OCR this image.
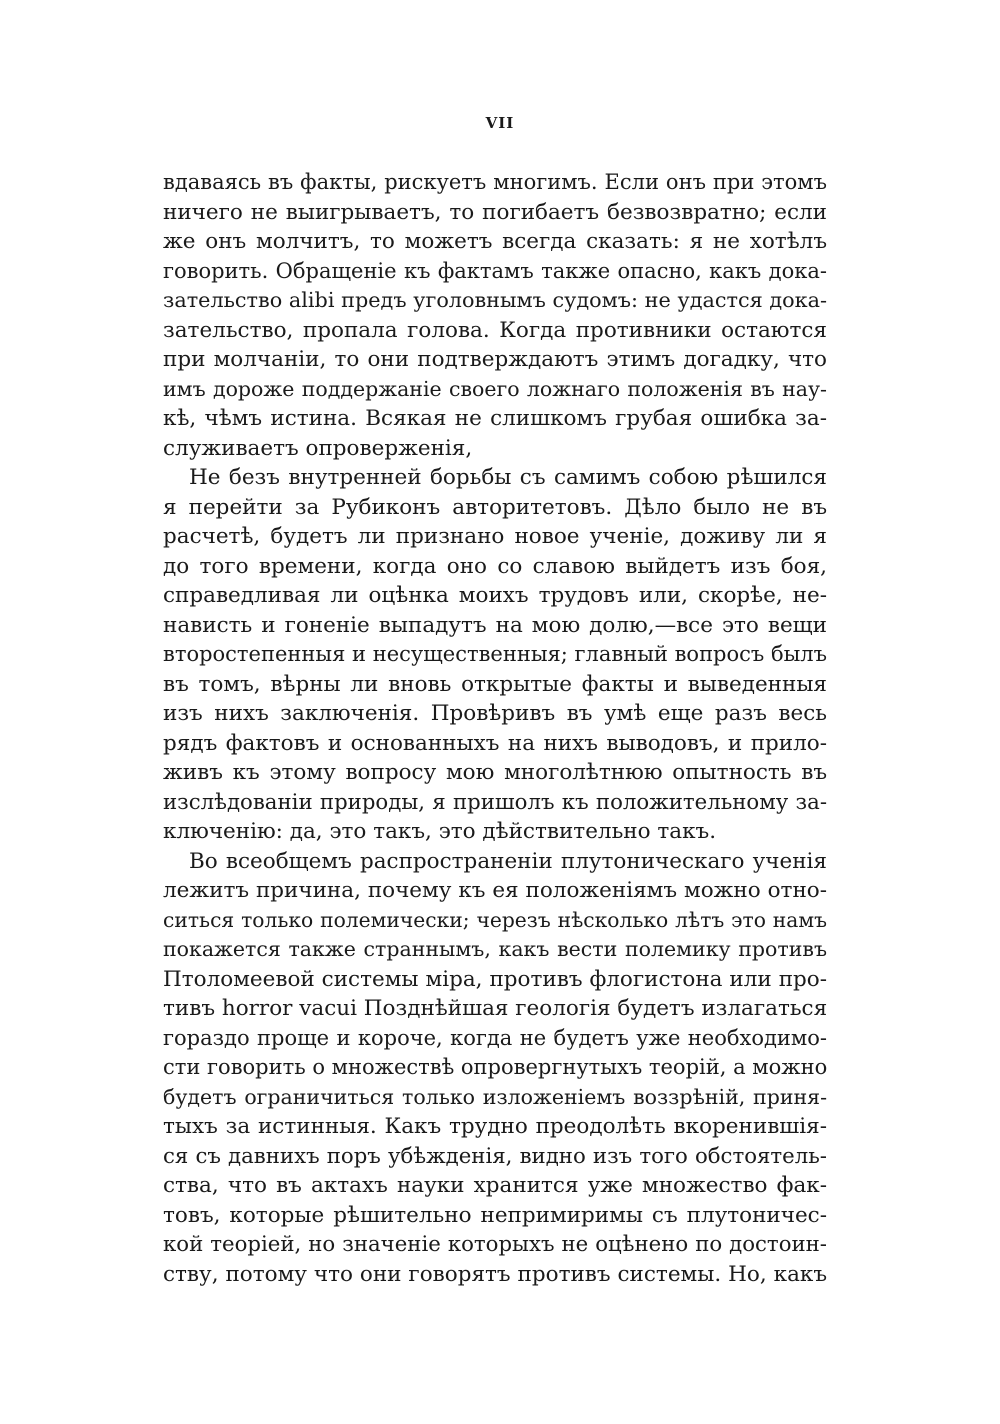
VII
вдаваясь въ факты, рискуетъ многимъ. Если онъ при этомъ
ничего не выигрываетъ, то погибаетъ безвозвратно; если
же онъ молчитъ, то можетъ всегда сказать: я не хотѣлъ
говорить. Обращеніе къ фактамъ также опасно, какъ дока-
зательство alibi предъ уголовнымъ судомъ: не удастся дока-
зательство, пропала голова. Когда противники остаются
при молчаніи, то они подтверждаютъ этимъ догадку, что
имъ дороже поддержаніе своего ложнаго положенія въ нау-
кѣ, чѣмъ истина. Всякая не слишкомъ грубая ошибка за-
служиваетъ опроверженія,
Не безъ внутренней борьбы съ самимъ собою рѣшился
я перейти за Рубиконъ авторитетовъ. Дѣло было не въ
расчетѣ, будетъ ли признано новое ученіе, доживу ли я
до того времени, когда оно со славою выйдетъ изъ боя,
справедливая ли оцѣнка моихъ трудовъ или, скорѣе, не-
нависть и гоненіе выпадутъ на мою долю,—все это вещи
второстепенныя и несущественныя; главный вопросъ былъ
въ томъ, вѣрны ли вновь открытые факты и выведенныя
изъ нихъ заключенія. Провѣривъ въ умѣ еще разъ весь
рядъ фактовъ и основанныхъ на нихъ выводовъ, и прило-
живъ къ этому вопросу мою многолѣтнюю опытность въ
изслѣдованіи природы, я пришолъ къ положительному за-
ключенію: да, это такъ, это дѣйствительно такъ.
Во всеобщемъ распространеніи плутоническаго ученія
лежитъ причина, почему къ ея положеніямъ можно отно-
ситься только полемически; черезъ нѣсколько лѣтъ это намъ
покажется также страннымъ, какъ вести полемику противъ
Птоломеевой системы міра, противъ флогистона или про-
тивъ horror vacui Позднѣйшая геологія будетъ излагаться
гораздо проще и короче, когда не будетъ уже необходимо-
сти говорить о множествѣ опровергнутыхъ теорій, а можно
будетъ ограничиться только изложеніемъ воззрѣній, приня-
тыхъ за истинныя. Какъ трудно преодолѣть вкоренившія-
ся съ давнихъ поръ убѣжденія, видно изъ того обстоятель-
ства, что въ актахъ науки хранится уже множество фак-
товъ, которые рѣшительно непримиримы съ плутоничес-
кой теоріей, но значеніе которыхъ не оцѣнено по достоин-
ству, потому что они говорятъ противъ системы. Но, какъ
